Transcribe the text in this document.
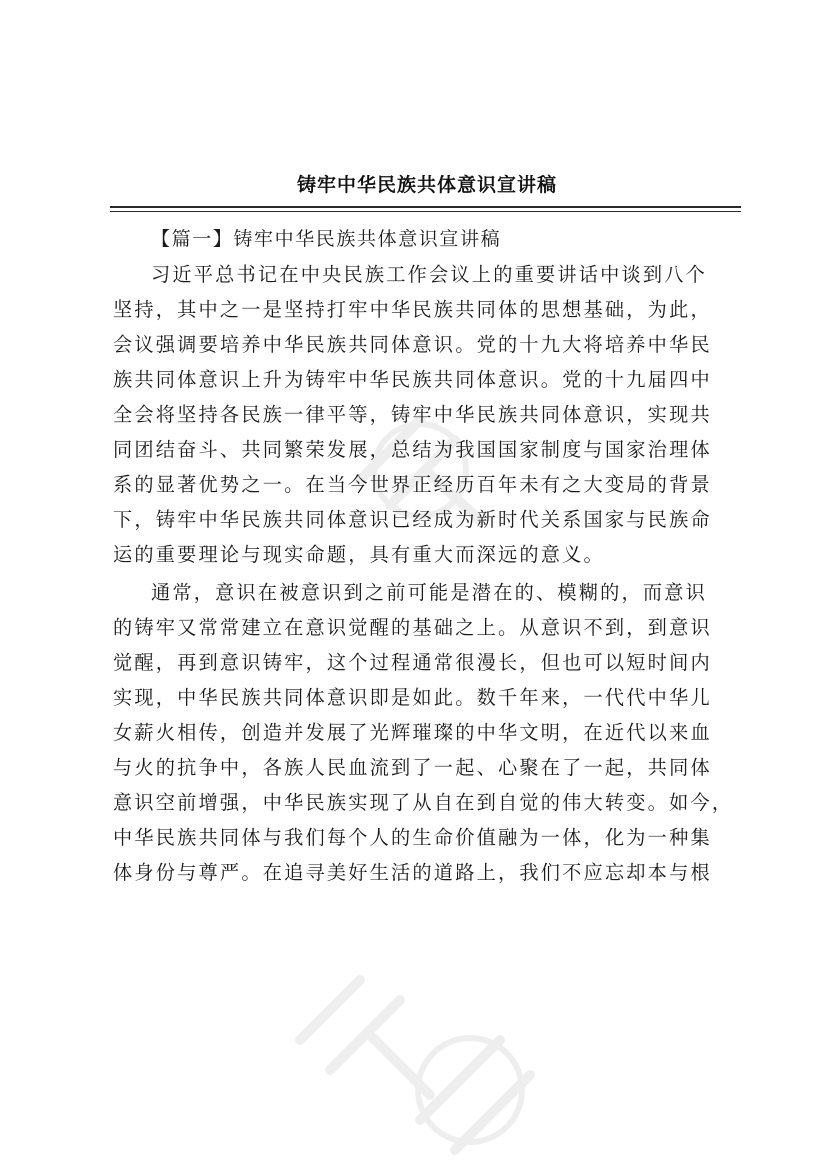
铸牢中华民族共体意识宣讲稿

【篇一】铸牢中华民族共体意识宣讲稿

习近平总书记在中央民族工作会议上的重要讲话中谈到八个
坚持，其中之一是坚持打牢中华民族共同体的思想基础，为此，
会议强调要培养中华民族共同体意识。党的十九大将培养中华民
族共同体意识上升为铸牢中华民族共同体意识。党的十九届四中
全会将坚持各民族一律平等，铸牢中华民族共同体意识，实现共
同团结奋斗、共同繁荣发展，总结为我国国家制度与国家治理体
系的显著优势之一。在当今世界正经历百年未有之大变局的背景
下，铸牢中华民族共同体意识已经成为新时代关系国家与民族命
运的重要理论与现实命题，具有重大而深远的意义。
通常，意识在被意识到之前可能是潜在的、模糊的，而意识
的铸牢又常常建立在意识觉醒的基础之上。从意识不到，到意识
觉醒，再到意识铸牢，这个过程通常很漫长，但也可以短时间内
实现，中华民族共同体意识即是如此。数千年来，一代代中华儿
女薪火相传，创造并发展了光辉璀璨的中华文明，在近代以来血
与火的抗争中，各族人民血流到了一起、心聚在了一起，共同体
意识空前增强，中华民族实现了从自在到自觉的伟大转变。如今，
中华民族共同体与我们每个人的生命价值融为一体，化为一种集
体身份与尊严。在追寻美好生活的道路上，我们不应忘却本与根
